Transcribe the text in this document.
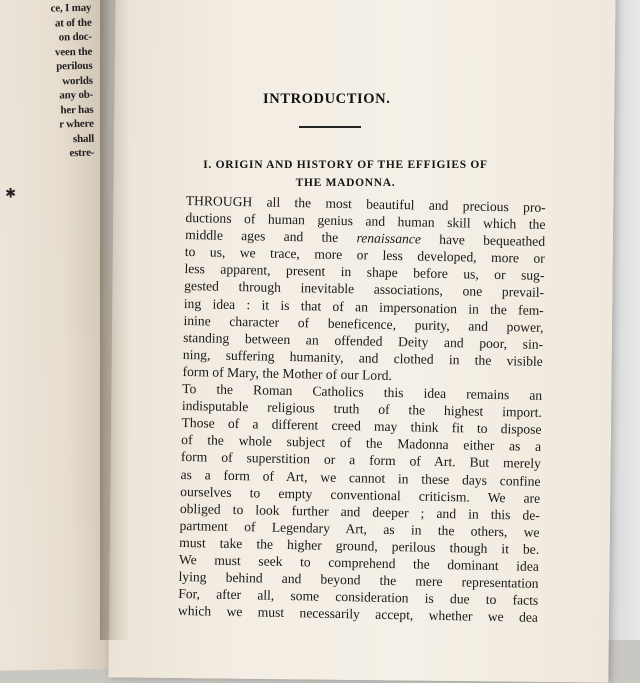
ce, I may
at of the
on doc-
veen the
perilous
worlds
any ob-
her has
r where
shall
estre-
✱
INTRODUCTION.
I. ORIGIN AND HISTORY OF THE EFFIGIES OF
THE MADONNA.
THROUGH all the most beautiful and precious pro-
ductions of human genius and human skill which the
middle ages and the renaissance have bequeathed
to us, we trace, more or less developed, more or
less apparent, present in shape before us, or sug-
gested through inevitable associations, one prevail-
ing idea : it is that of an impersonation in the fem-
inine character of beneficence, purity, and power,
standing between an offended Deity and poor, sin-
ning, suffering humanity, and clothed in the visible
form of Mary, the Mother of our Lord.
To the Roman Catholics this idea remains an
indisputable religious truth of the highest import.
Those of a different creed may think fit to dispose
of the whole subject of the Madonna either as a
form of superstition or a form of Art. But merely
as a form of Art, we cannot in these days confine
ourselves to empty conventional criticism. We are
obliged to look further and deeper ; and in this de-
partment of Legendary Art, as in the others, we
must take the higher ground, perilous though it be.
We must seek to comprehend the dominant idea
lying behind and beyond the mere representation
For, after all, some consideration is due to facts
which we must necessarily accept, whether we dea
